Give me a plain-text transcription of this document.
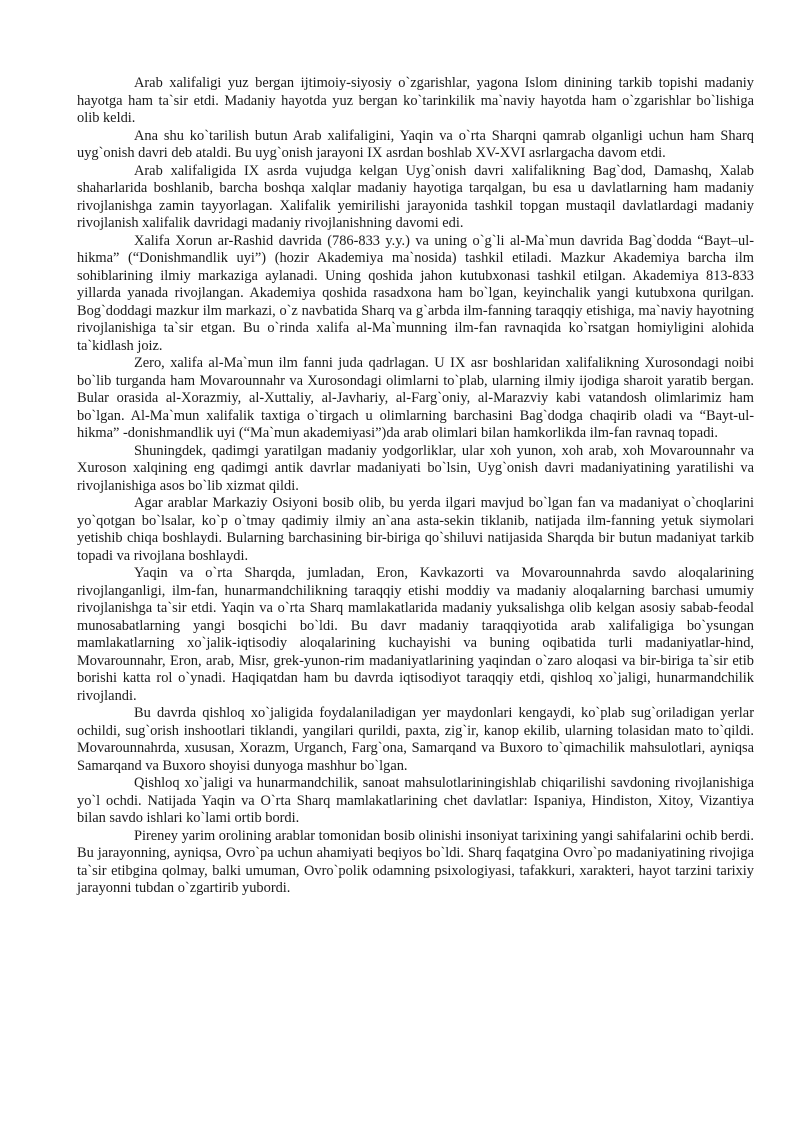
Arab xalifaligi yuz bergan ijtimoiy-siyosiy o`zgarishlar, yagona Islom dinining tarkib topishi madaniy hayotga ham ta`sir etdi. Madaniy hayotda yuz bergan ko`tarinkilik ma`naviy hayotda ham o`zgarishlar bo`lishiga olib keldi.

Ana shu ko`tarilish butun Arab xalifaligini, Yaqin va o`rta Sharqni qamrab olganligi uchun ham Sharq uyg`onish davri deb ataldi. Bu uyg`onish jarayoni IX asrdan boshlab XV-XVI asrlargacha davom etdi.

Arab xalifaligida IX asrda vujudga kelgan Uyg`onish davri xalifalikning Bag`dod, Damashq, Xalab shaharlarida boshlanib, barcha boshqa xalqlar madaniy hayotiga tarqalgan, bu esa u davlatlarning ham madaniy rivojlanishga zamin tayyorlagan. Xalifalik yemirilishi jarayonida tashkil topgan mustaqil davlatlardagi madaniy rivojlanish xalifalik davridagi madaniy rivojlanishning davomi edi.

Xalifa Xorun ar-Rashid davrida (786-833 y.y.) va uning o`g`li al-Ma`mun davrida Bag`dodda “Bayt–ul-hikma” (“Donishmandlik uyi”) (hozir Akademiya ma`nosida) tashkil etiladi. Mazkur Akademiya barcha ilm sohiblarining ilmiy markaziga aylanadi. Uning qoshida jahon kutubxonasi tashkil etilgan. Akademiya 813-833 yillarda yanada rivojlangan. Akademiya qoshida rasadxona ham bo`lgan, keyinchalik yangi kutubxona qurilgan. Bog`doddagi mazkur ilm markazi, o`z navbatida Sharq va g`arbda ilm-fanning taraqqiy etishiga, ma`naviy hayotning rivojlanishiga ta`sir etgan. Bu o`rinda xalifa al-Ma`munning ilm-fan ravnaqida ko`rsatgan homiyligini alohida ta`kidlash joiz.

Zero, xalifa al-Ma`mun ilm fanni juda qadrlagan. U IX asr boshlaridan xalifalikning Xurosondagi noibi bo`lib turganda ham Movarounnahr va Xurosondagi olimlarni to`plab, ularning ilmiy ijodiga sharoit yaratib bergan. Bular orasida al-Xorazmiy, al-Xuttaliy, al-Javhariy, al-Farg`oniy, al-Marazviy kabi vatandosh olimlarimiz ham bo`lgan. Al-Ma`mun xalifalik taxtiga o`tirgach u olimlarning barchasini Bag`dodga chaqirib oladi va “Bayt-ul-hikma” -donishmandlik uyi (“Ma`mun akademiyasi”)da arab olimlari bilan hamkorlikda ilm-fan ravnaq topadi.

Shuningdek, qadimgi yaratilgan madaniy yodgorliklar, ular xoh yunon, xoh arab, xoh Movarounnahr va Xuroson xalqining eng qadimgi antik davrlar madaniyati bo`lsin, Uyg`onish davri madaniyatining yaratilishi va rivojlanishiga asos bo`lib xizmat qildi.

Agar arablar Markaziy Osiyoni bosib olib, bu yerda ilgari mavjud bo`lgan fan va madaniyat o`choqlarini yo`qotgan bo`lsalar, ko`p o`tmay qadimiy ilmiy an`ana asta-sekin tiklanib, natijada ilm-fanning yetuk siymolari yetishib chiqa boshlaydi. Bularning barchasining bir-biriga qo`shiluvi natijasida Sharqda bir butun madaniyat tarkib topadi va rivojlana boshlaydi.

Yaqin va o`rta Sharqda, jumladan, Eron, Kavkazorti va Movarounnahrda savdo aloqalarining rivojlanganligi, ilm-fan, hunarmandchilikning taraqqiy etishi moddiy va madaniy aloqalarning barchasi umumiy rivojlanishga ta`sir etdi. Yaqin va o`rta Sharq mamlakatlarida madaniy yuksalishga olib kelgan asosiy sabab-feodal munosabatlarning yangi bosqichi bo`ldi. Bu davr madaniy taraqqiyotida arab xalifaligiga bo`ysungan mamlakatlarning xo`jalik-iqtisodiy aloqalarining kuchayishi va buning oqibatida turli madaniyatlar-hind, Movarounnahr, Eron, arab, Misr, grek-yunon-rim madaniyatlarining yaqindan o`zaro aloqasi va bir-biriga ta`sir etib borishi katta rol o`ynadi. Haqiqatdan ham bu davrda iqtisodiyot taraqqiy etdi, qishloq xo`jaligi, hunarmandchilik rivojlandi.

Bu davrda qishloq xo`jaligida foydalaniladigan yer maydonlari kengaydi, ko`plab sug`oriladigan yerlar ochildi, sug`orish inshootlari tiklandi, yangilari qurildi, paxta, zig`ir, kanop ekilib, ularning tolasidan mato to`qildi. Movarounnahrda, xususan, Xorazm, Urganch, Farg`ona, Samarqand va Buxoro to`qimachilik mahsulotlari, ayniqsa Samarqand va Buxoro shoyisi dunyoga mashhur bo`lgan.

Qishloq xo`jaligi va hunarmandchilik, sanoat mahsulotlariningishlab chiqarilishi savdoning rivojlanishiga yo`l ochdi. Natijada Yaqin va O`rta Sharq mamlakatlarining chet davlatlar: Ispaniya, Hindiston, Xitoy, Vizantiya bilan savdo ishlari ko`lami ortib bordi.

Pireney yarim orolining arablar tomonidan bosib olinishi insoniyat tarixining yangi sahifalarini ochib berdi. Bu jarayonning, ayniqsa, Ovro`pa uchun ahamiyati beqiyos bo`ldi. Sharq faqatgina Ovro`po madaniyatining rivojiga ta`sir etibgina qolmay, balki umuman, Ovro`polik odamning psixologiyasi, tafakkuri, xarakteri, hayot tarzini tarixiy jarayonni tubdan o`zgartirib yubordi.
